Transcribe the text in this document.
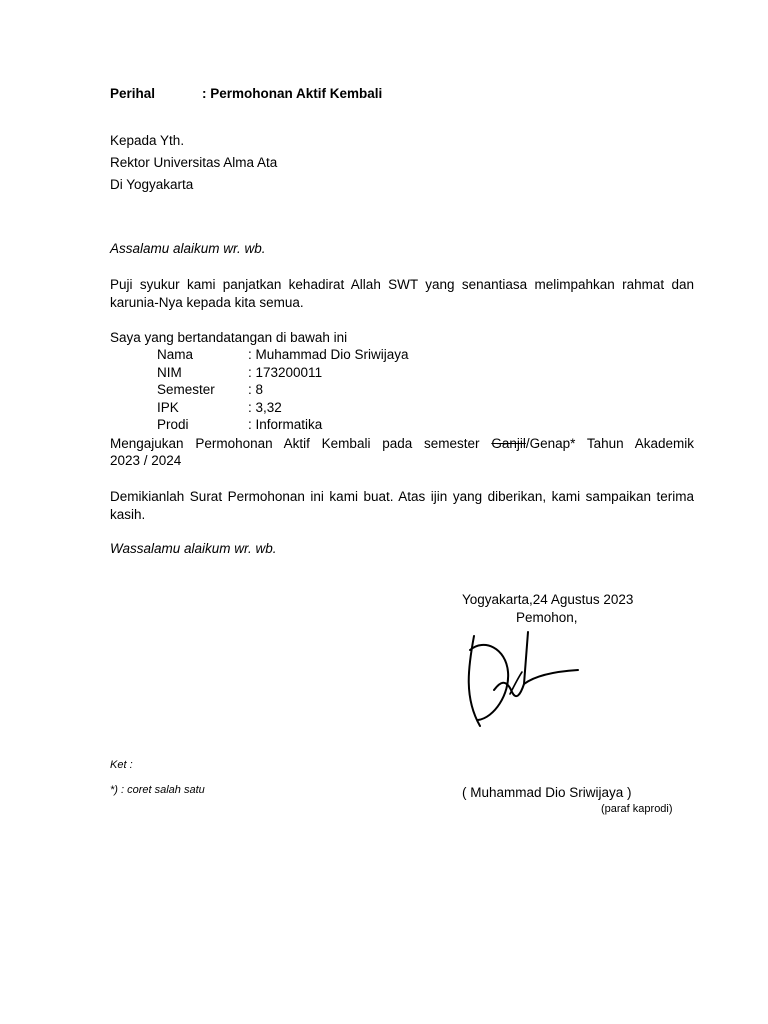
Perihal	: Permohonan Aktif Kembali
Kepada Yth.
Rektor Universitas Alma Ata
Di Yogyakarta
Assalamu alaikum wr. wb.
Puji syukur kami panjatkan kehadirat Allah SWT yang senantiasa melimpahkan rahmat dan karunia-Nya kepada kita semua.
Saya yang bertandatangan di bawah ini
Nama	: Muhammad Dio Sriwijaya
NIM	: 173200011
Semester : 8
IPK	: 3,32
Prodi	: Informatika
Mengajukan Permohonan Aktif Kembali pada semester Ganjil/Genap* Tahun Akademik
2023 / 2024
Demikianlah Surat Permohonan ini kami buat. Atas ijin yang diberikan, kami sampaikan terima kasih.
Wassalamu alaikum wr. wb.
Yogyakarta,24 Agustus 2023
Pemohon,
( Muhammad Dio Sriwijaya )
(paraf kaprodi)
Ket :
*) : coret salah satu
